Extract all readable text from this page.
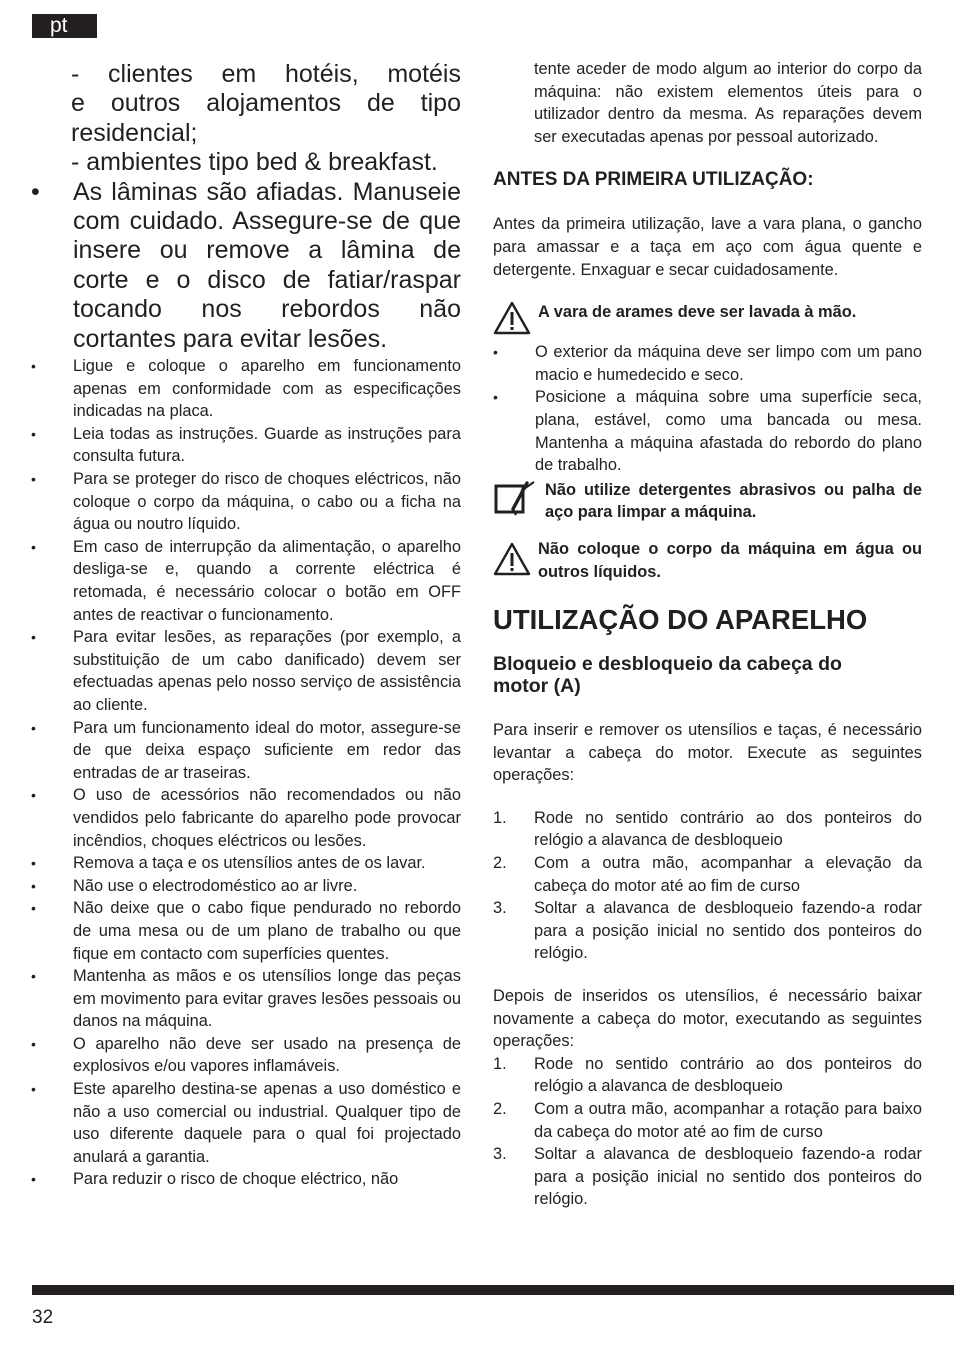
pt
- clientes em hotéis, motéis
e outros alojamentos de tipo
residencial;
- ambientes tipo bed & breakfast.
• As lâminas são afiadas. Manuseie com cuidado. Assegure-se de que insere ou remove a lâmina de corte e o disco de fatiar/raspar tocando nos rebordos não cortantes para evitar lesões.
• Ligue e coloque o aparelho em funcionamento apenas em conformidade com as especificações indicadas na placa.
• Leia todas as instruções. Guarde as instruções para consulta futura.
• Para se proteger do risco de choques eléctricos, não coloque o corpo da máquina, o cabo ou a ficha na água ou noutro líquido.
• Em caso de interrupção da alimentação, o aparelho desliga-se e, quando a corrente eléctrica é retomada, é necessário colocar o botão em OFF antes de reactivar o funcionamento.
• Para evitar lesões, as reparações (por exemplo, a substituição de um cabo danificado) devem ser efectuadas apenas pelo nosso serviço de assistência ao cliente.
• Para um funcionamento ideal do motor, assegure-se de que deixa espaço suficiente em redor das entradas de ar traseiras.
• O uso de acessórios não recomendados ou não vendidos pelo fabricante do aparelho pode provocar incêndios, choques eléctricos ou lesões.
• Remova a taça e os utensílios antes de os lavar.
• Não use o electrodoméstico ao ar livre.
• Não deixe que o cabo fique pendurado no rebordo de uma mesa ou de um plano de trabalho ou que fique em contacto com superfícies quentes.
• Mantenha as mãos e os utensílios longe das peças em movimento para evitar graves lesões pessoais ou danos na máquina.
• O aparelho não deve ser usado na presença de explosivos e/ou vapores inflamáveis.
• Este aparelho destina-se apenas a uso doméstico e não a uso comercial ou industrial. Qualquer tipo de uso diferente daquele para o qual foi projectado anulará a garantia.
• Para reduzir o risco de choque eléctrico, não
tente aceder de modo algum ao interior do corpo da máquina: não existem elementos úteis para o utilizador dentro da mesma. As reparações devem ser executadas apenas por pessoal autorizado.
ANTES DA PRIMEIRA UTILIZAÇÃO:
Antes da primeira utilização, lave a vara plana, o gancho para amassar e a taça em aço com água quente e detergente. Enxaguar e secar cuidadosamente.
A vara de arames deve ser lavada à mão.
• O exterior da máquina deve ser limpo com um pano macio e humedecido e seco.
• Posicione a máquina sobre uma superfície seca, plana, estável, como uma bancada ou mesa. Mantenha a máquina afastada do rebordo do plano de trabalho.
Não utilize detergentes abrasivos ou palha de aço para limpar a máquina.
Não coloque o corpo da máquina em água ou outros líquidos.
UTILIZAÇÃO DO APARELHO
Bloqueio e desbloqueio da cabeça do motor (A)
Para inserir e remover os utensílios e taças, é necessário levantar a cabeça do motor. Execute as seguintes operações:
1. Rode no sentido contrário ao dos ponteiros do relógio a alavanca de desbloqueio
2. Com a outra mão, acompanhar a elevação da cabeça do motor até ao fim de curso
3. Soltar a alavanca de desbloqueio fazendo-a rodar para a posição inicial no sentido dos ponteiros do relógio.
Depois de inseridos os utensílios, é necessário baixar novamente a cabeça do motor, executando as seguintes operações:
1. Rode no sentido contrário ao dos ponteiros do relógio a alavanca de desbloqueio
2. Com a outra mão, acompanhar a rotação para baixo da cabeça do motor até ao fim de curso
3. Soltar a alavanca de desbloqueio fazendo-a rodar para a posição inicial no sentido dos ponteiros do relógio.
32
